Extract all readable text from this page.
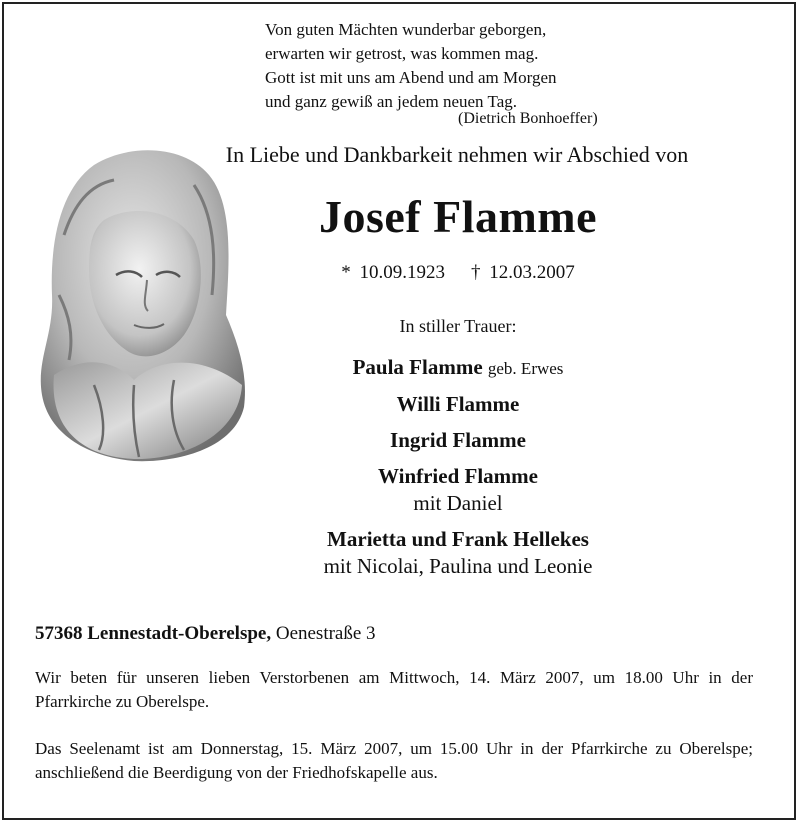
Von guten Mächten wunderbar geborgen,
erwarten wir getrost, was kommen mag.
Gott ist mit uns am Abend und am Morgen
und ganz gewiß an jedem neuen Tag.
(Dietrich Bonhoeffer)
In Liebe und Dankbarkeit nehmen wir Abschied von
Josef Flamme
* 10.09.1923 † 12.03.2007
In stiller Trauer:
Paula Flamme geb. Erwes
Willi Flamme
Ingrid Flamme
Winfried Flamme
mit Daniel
Marietta und Frank Hellekes
mit Nicolai, Paulina und Leonie
57368 Lennestadt-Oberelspe, Oenestraße 3
Wir beten für unseren lieben Verstorbenen am Mittwoch, 14. März 2007, um 18.00 Uhr in der Pfarrkirche zu Oberelspe.
Das Seelenamt ist am Donnerstag, 15. März 2007, um 15.00 Uhr in der Pfarrkirche zu Oberelspe; anschließend die Beerdigung von der Friedhofskapelle aus.
